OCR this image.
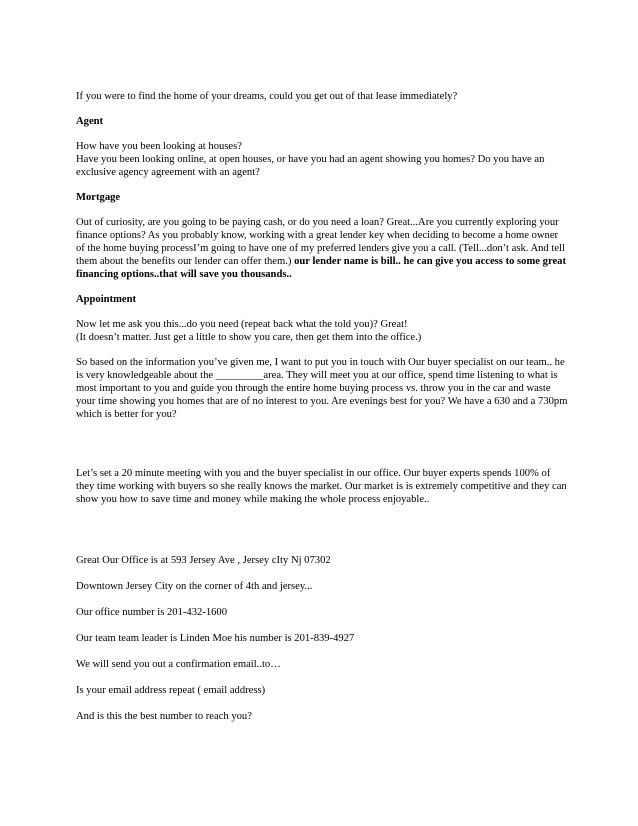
If you were to find the home of your dreams, could you get out of that lease immediately?

Agent

How have you been looking at houses?
Have you been looking online, at open houses, or have you had an agent showing you homes? Do you have an exclusive agency agreement with an agent?

Mortgage

Out of curiosity, are you going to be paying cash, or do you need a loan? Great...Are you currently exploring your finance options? As you probably know, working with a great lender key when deciding to become a home owner of the home buying processI’m going to have one of my preferred lenders give you a call. (Tell...don’t ask. And tell them about the benefits our lender can offer them.) our lender name is bill.. he can give you access to some great financing options..that will save you thousands..

Appointment

Now let me ask you this...do you need (repeat back what the told you)? Great!
(It doesn’t matter. Just get a little to show you care, then get them into the office.)

So based on the information you’ve given me, I want to put you in touch with Our buyer specialist on our team.. he is very knowledgeable about the _________area. They will meet you at our office, spend time listening to what is most important to you and guide you through the entire home buying process vs. throw you in the car and waste your time showing you homes that are of no interest to you. Are evenings best for you? We have a 630 and a 730pm which is better for you?

Let’s set a 20 minute meeting with you and the buyer specialist in our office. Our buyer experts spends 100% of they time working with buyers so she really knows the market. Our market is is extremely competitive and they can show you how to save time and money while making the whole process enjoyable..

Great Our Office is at 593 Jersey Ave , Jersey cIty Nj 07302

Downtown Jersey City on the corner of 4th and jersey...

Our office number is 201-432-1600

Our team team leader is Linden Moe his number is 201-839-4927

We will send you out a confirmation email..to…

Is your email address repeat ( email address)

And is this the best number to reach you?
